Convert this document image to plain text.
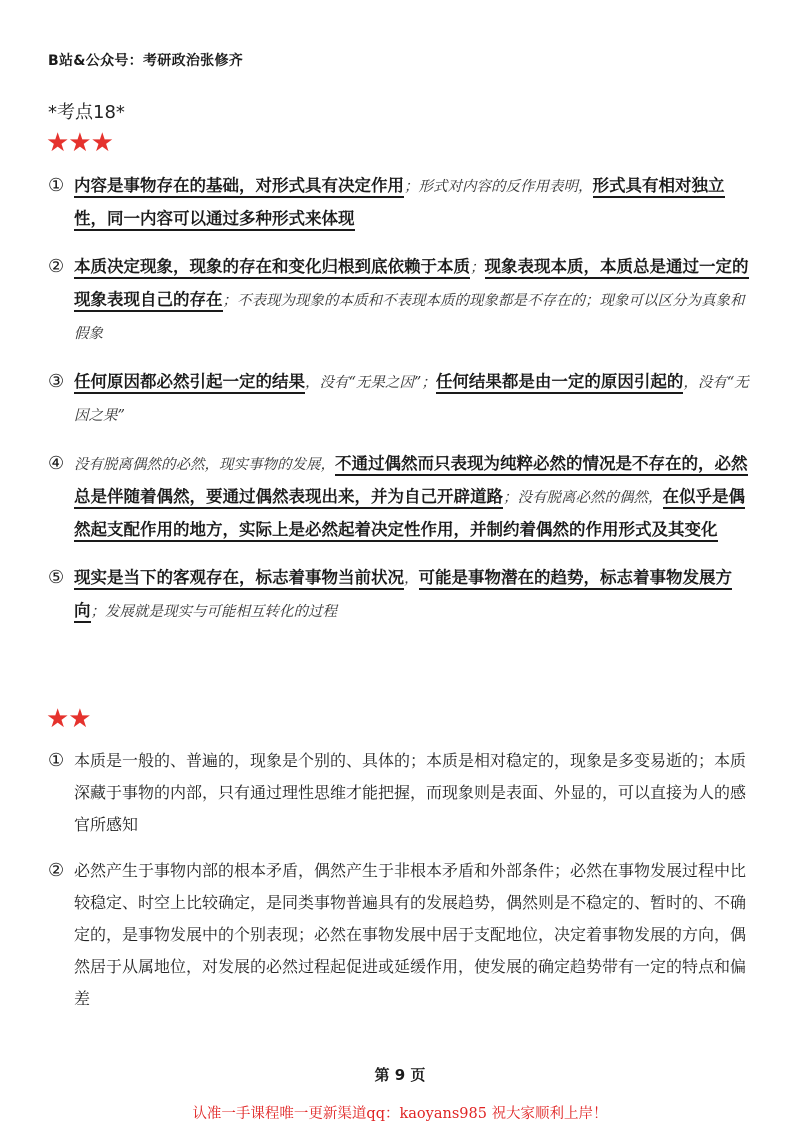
B站&公众号：考研政治张修齐
*考点18*
★★★
① 内容是事物存在的基础，对形式具有决定作用；形式对内容的反作用表明，形式具有相对独立性，同一内容可以通过多种形式来体现
② 本质决定现象，现象的存在和变化归根到底依赖于本质；现象表现本质，本质总是通过一定的现象表现自己的存在；不表现为现象的本质和不表现本质的现象都是不存在的；现象可以区分为真象和假象
③ 任何原因都必然引起一定的结果，没有“无果之因”；任何结果都是由一定的原因引起的，没有“无因之果”
④ 没有脱离偶然的必然，现实事物的发展，不通过偶然而只表现为纯粹必然的情况是不存在的，必然总是伴随着偶然，要通过偶然表现出来，并为自己开辟道路；没有脱离必然的偶然，在似乎是偶然起支配作用的地方，实际上是必然起着决定性作用，并制约着偶然的作用形式及其变化
⑤ 现实是当下的客观存在，标志着事物当前状况，可能是事物潜在的趋势，标志着事物发展方向；发展就是现实与可能相互转化的过程
★★
① 本质是一般的、普遍的，现象是个别的、具体的；本质是相对稳定的，现象是多变易逝的；本质深藏于事物的内部，只有通过理性思维才能把握，而现象则是表面、外显的，可以直接为人的感官所感知
② 必然产生于事物内部的根本矛盾，偶然产生于非根本矛盾和外部条件；必然在事物发展过程中比较稳定、时空上比较确定，是同类事物普遍具有的发展趋势，偶然则是不稳定的、暂时的、不确定的，是事物发展中的个别表现；必然在事物发展中居于支配地位，决定着事物发展的方向，偶然居于从属地位，对发展的必然过程起促进或延缓作用，使发展的确定趋势带有一定的特点和偏差
第 9 页
认准一手课程唯一更新渠道qq：kaoyans985 祝大家顺利上岸！
